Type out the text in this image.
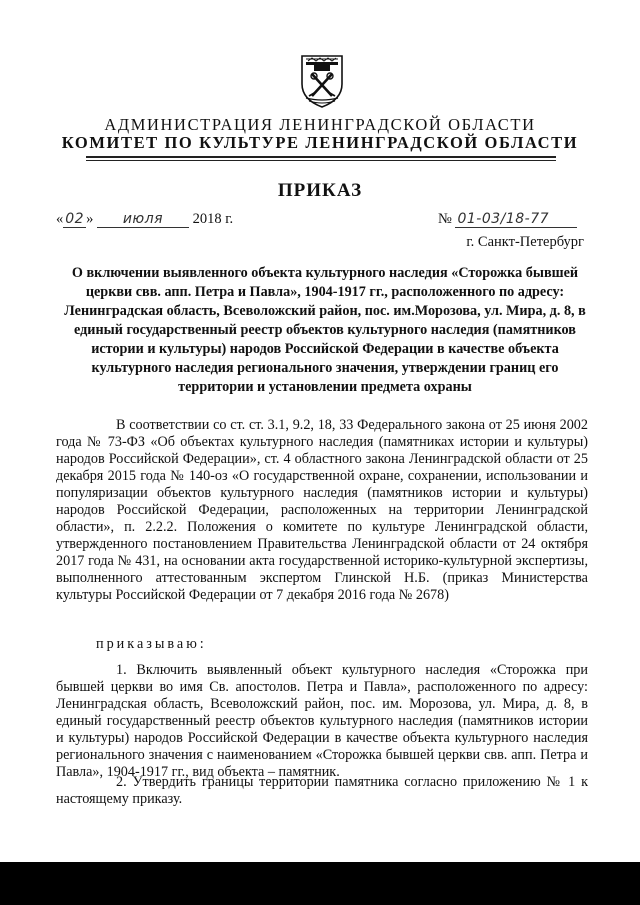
АДМИНИСТРАЦИЯ ЛЕНИНГРАДСКОЙ ОБЛАСТИ
КОМИТЕТ ПО КУЛЬТУРЕ ЛЕНИНГРАДСКОЙ ОБЛАСТИ
ПРИКАЗ
« 02 » июля 2018 г.	№ 01-03/18-77
г. Санкт-Петербург

О включении выявленного объекта культурного наследия «Сторожка бывшей церкви свв. апп. Петра и Павла», 1904-1917 гг., расположенного по адресу: Ленинградская область, Всеволожский район, пос. им.Морозова, ул. Мира, д. 8, в единый государственный реестр объектов культурного наследия (памятников истории и культуры) народов Российской Федерации в качестве объекта культурного наследия регионального значения, утверждении границ его территории и установлении предмета охраны

В соответствии со ст. ст. 3.1, 9.2, 18, 33 Федерального закона от 25 июня 2002 года № 73-ФЗ «Об объектах культурного наследия (памятниках истории и культуры) народов Российской Федерации», ст. 4 областного закона Ленинградской области от 25 декабря 2015 года № 140-оз «О государственной охране, сохранении, использовании и популяризации объектов культурного наследия (памятников истории и культуры) народов Российской Федерации, расположенных на территории Ленинградской области», п. 2.2.2. Положения о комитете по культуре Ленинградской области, утвержденного постановлением Правительства Ленинградской области от 24 октября 2017 года № 431, на основании акта государственной историко-культурной экспертизы, выполненного аттестованным экспертом Глинской Н.Б. (приказ Министерства культуры Российской Федерации от 7 декабря 2016 года № 2678)

приказываю:

1. Включить выявленный объект культурного наследия «Сторожка при бывшей церкви во имя Св. апостолов. Петра и Павла», расположенного по адресу: Ленинградская область, Всеволожский район, пос. им. Морозова, ул. Мира, д. 8, в единый государственный реестр объектов культурного наследия (памятников истории и культуры) народов Российской Федерации в качестве объекта культурного наследия регионального значения с наименованием «Сторожка бывшей церкви свв. апп. Петра и Павла», 1904-1917 гг., вид объекта – памятник.

2. Утвердить границы территории памятника согласно приложению № 1 к настоящему приказу.
